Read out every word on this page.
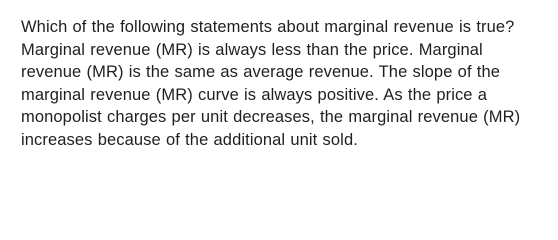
Which of the following statements about marginal revenue is true? Marginal revenue (MR) is always less than the price. Marginal revenue (MR) is the same as average revenue. The slope of the marginal revenue (MR) curve is always positive. As the price a monopolist charges per unit decreases, the marginal revenue (MR) increases because of the additional unit sold.
